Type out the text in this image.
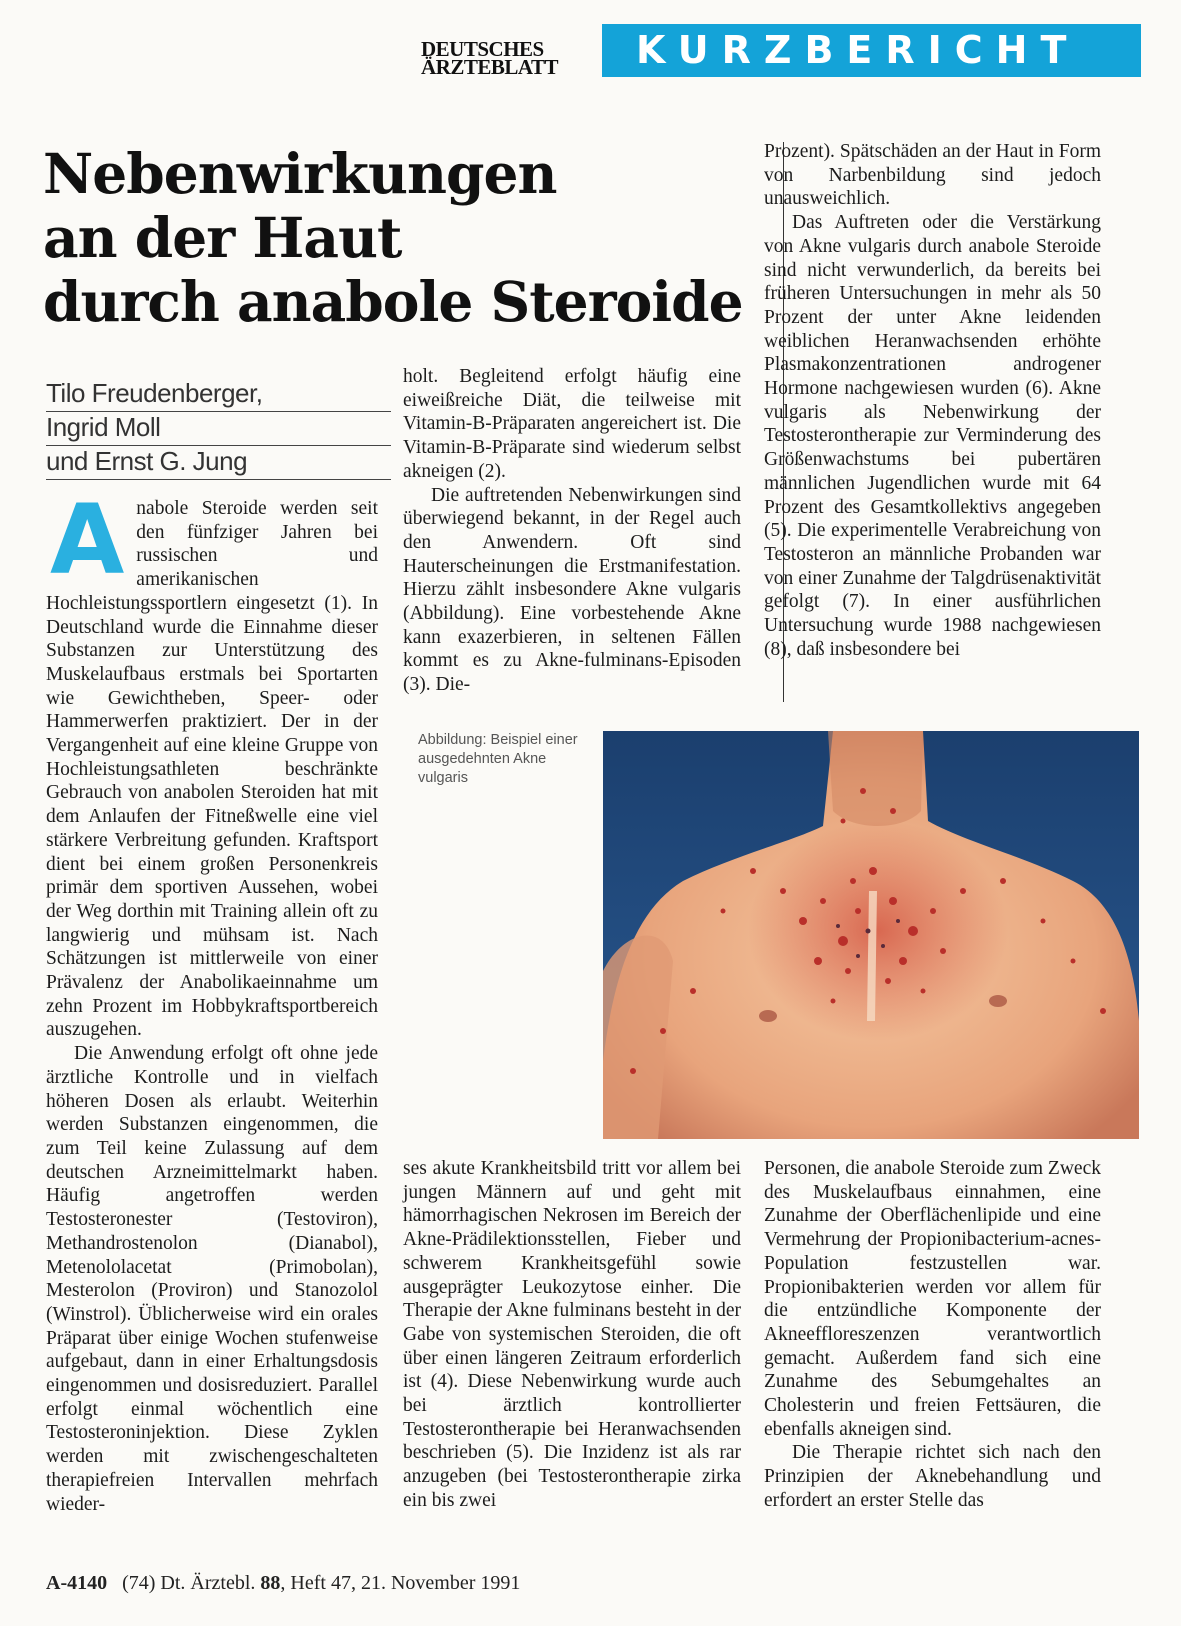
DEUTSCHES
ÄRZTEBLATT	KURZBERICHT
Nebenwirkungen
an der Haut
durch anabole Steroide
Tilo Freudenberger,
Ingrid Moll
und Ernst G. Jung

Anabole Steroide werden seit den fünfziger Jahren bei russischen und amerikanischen Hochleistungssportlern eingesetzt (1). In Deutschland wurde die Einnahme dieser Substanzen zur Unterstützung des Muskelaufbaus erstmals bei Sportarten wie Gewichtheben, Speer- oder Hammerwerfen praktiziert. Der in der Vergangenheit auf eine kleine Gruppe von Hochleistungsathleten beschränkte Gebrauch von anabolen Steroiden hat mit dem Anlaufen der Fitneßwelle eine viel stärkere Verbreitung gefunden. Kraftsport dient bei einem großen Personenkreis primär dem sportiven Aussehen, wobei der Weg dorthin mit Training allein oft zu langwierig und mühsam ist. Nach Schätzungen ist mittlerweile von einer Prävalenz der Anabolikaeinnahme um zehn Prozent im Hobbykraftsportbereich auszugehen.

Die Anwendung erfolgt oft ohne jede ärztliche Kontrolle und in vielfach höheren Dosen als erlaubt. Weiterhin werden Substanzen eingenommen, die zum Teil keine Zulassung auf dem deutschen Arzneimittelmarkt haben. Häufig angetroffen werden Testosteronester (Testoviron), Methandrostenolon (Dianabol), Metenololacetat (Primobolan), Mesterolon (Proviron) und Stanozolol (Winstrol). Üblicherweise wird ein orales Präparat über einige Wochen stufenweise aufgebaut, dann in einer Erhaltungsdosis eingenommen und dosisreduziert. Parallel erfolgt einmal wöchentlich eine Testosteroninjektion. Diese Zyklen werden mit zwischengeschalteten therapiefreien Intervallen mehrfach wieder-

holt. Begleitend erfolgt häufig eine eiweißreiche Diät, die teilweise mit Vitamin-B-Präparaten angereichert ist. Die Vitamin-B-Präparate sind wiederum selbst akneigen (2).

Die auftretenden Nebenwirkungen sind überwiegend bekannt, in der Regel auch den Anwendern. Oft sind Hauterscheinungen die Erstmanifestation. Hierzu zählt insbesondere Akne vulgaris (Abbildung). Eine vorbestehende Akne kann exazerbieren, in seltenen Fällen kommt es zu Akne-fulminans-Episoden (3). Die-

Prozent). Spätschäden an der Haut in Form von Narbenbildung sind jedoch unausweichlich.

Das Auftreten oder die Verstärkung von Akne vulgaris durch anabole Steroide sind nicht verwunderlich, da bereits bei früheren Untersuchungen in mehr als 50 Prozent der unter Akne leidenden weiblichen Heranwachsenden erhöhte Plasmakonzentrationen androgener Hormone nachgewiesen wurden (6). Akne vulgaris als Nebenwirkung der Testosterontherapie zur Verminderung des Größenwachstums bei pubertären männlichen Jugendlichen wurde mit 64 Prozent des Gesamtkollektivs angegeben (5). Die experimentelle Verabreichung von Testosteron an männliche Probanden war von einer Zunahme der Talgdrüsenaktivität gefolgt (7). In einer ausführlichen Untersuchung wurde 1988 nachgewiesen (8), daß insbesondere bei

Abbildung: Beispiel einer ausgedehnten Akne vulgaris

ses akute Krankheitsbild tritt vor allem bei jungen Männern auf und geht mit hämorrhagischen Nekrosen im Bereich der Akne-Prädilektionsstellen, Fieber und schwerem Krankheitsgefühl sowie ausgeprägter Leukozytose einher. Die Therapie der Akne fulminans besteht in der Gabe von systemischen Steroiden, die oft über einen längeren Zeitraum erforderlich ist (4). Diese Nebenwirkung wurde auch bei ärztlich kontrollierter Testosterontherapie bei Heranwachsenden beschrieben (5). Die Inzidenz ist als rar anzugeben (bei Testosterontherapie zirka ein bis zwei

Personen, die anabole Steroide zum Zweck des Muskelaufbaus einnahmen, eine Zunahme der Oberflächenlipide und eine Vermehrung der Propionibacterium-acnes-Population festzustellen war. Propionibakterien werden vor allem für die entzündliche Komponente der Akneeffloreszenzen verantwortlich gemacht. Außerdem fand sich eine Zunahme des Sebumgehaltes an Cholesterin und freien Fettsäuren, die ebenfalls akneigen sind.

Die Therapie richtet sich nach den Prinzipien der Aknebehandlung und erfordert an erster Stelle das

A-4140 (74) Dt. Ärztebl. 88, Heft 47, 21. November 1991
